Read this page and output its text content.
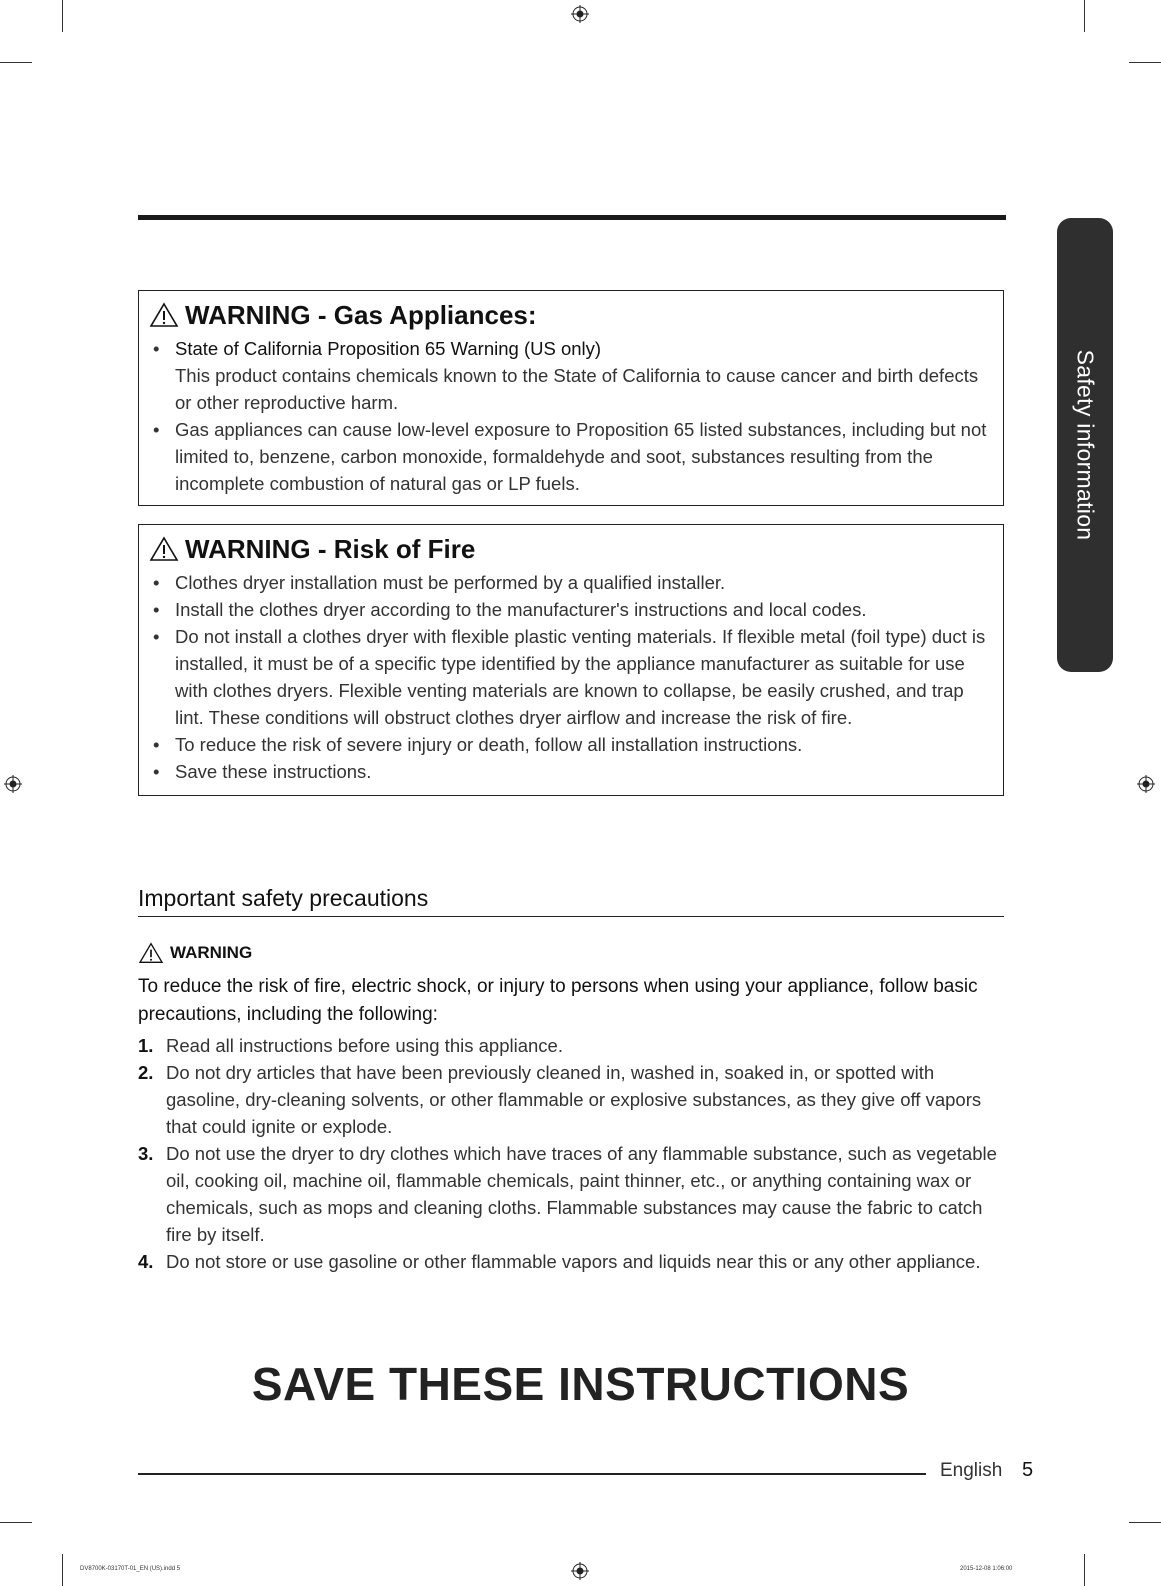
Safety information
WARNING - Gas Appliances:
• State of California Proposition 65 Warning (US only)
This product contains chemicals known to the State of California to cause cancer and birth defects or other reproductive harm.
• Gas appliances can cause low-level exposure to Proposition 65 listed substances, including but not limited to, benzene, carbon monoxide, formaldehyde and soot, substances resulting from the incomplete combustion of natural gas or LP fuels.
WARNING - Risk of Fire
• Clothes dryer installation must be performed by a qualified installer.
• Install the clothes dryer according to the manufacturer's instructions and local codes.
• Do not install a clothes dryer with flexible plastic venting materials. If flexible metal (foil type) duct is installed, it must be of a specific type identified by the appliance manufacturer as suitable for use with clothes dryers. Flexible venting materials are known to collapse, be easily crushed, and trap lint. These conditions will obstruct clothes dryer airflow and increase the risk of fire.
• To reduce the risk of severe injury or death, follow all installation instructions.
• Save these instructions.
Important safety precautions
WARNING
To reduce the risk of fire, electric shock, or injury to persons when using your appliance, follow basic precautions, including the following:
1. Read all instructions before using this appliance.
2. Do not dry articles that have been previously cleaned in, washed in, soaked in, or spotted with gasoline, dry-cleaning solvents, or other flammable or explosive substances, as they give off vapors that could ignite or explode.
3. Do not use the dryer to dry clothes which have traces of any flammable substance, such as vegetable oil, cooking oil, machine oil, flammable chemicals, paint thinner, etc., or anything containing wax or chemicals, such as mops and cleaning cloths. Flammable substances may cause the fabric to catch fire by itself.
4. Do not store or use gasoline or other flammable vapors and liquids near this or any other appliance.
SAVE THESE INSTRUCTIONS
English 5
DV8700K-03170T-01_EN (US).indd 5	2015-12-08 1:06:00
